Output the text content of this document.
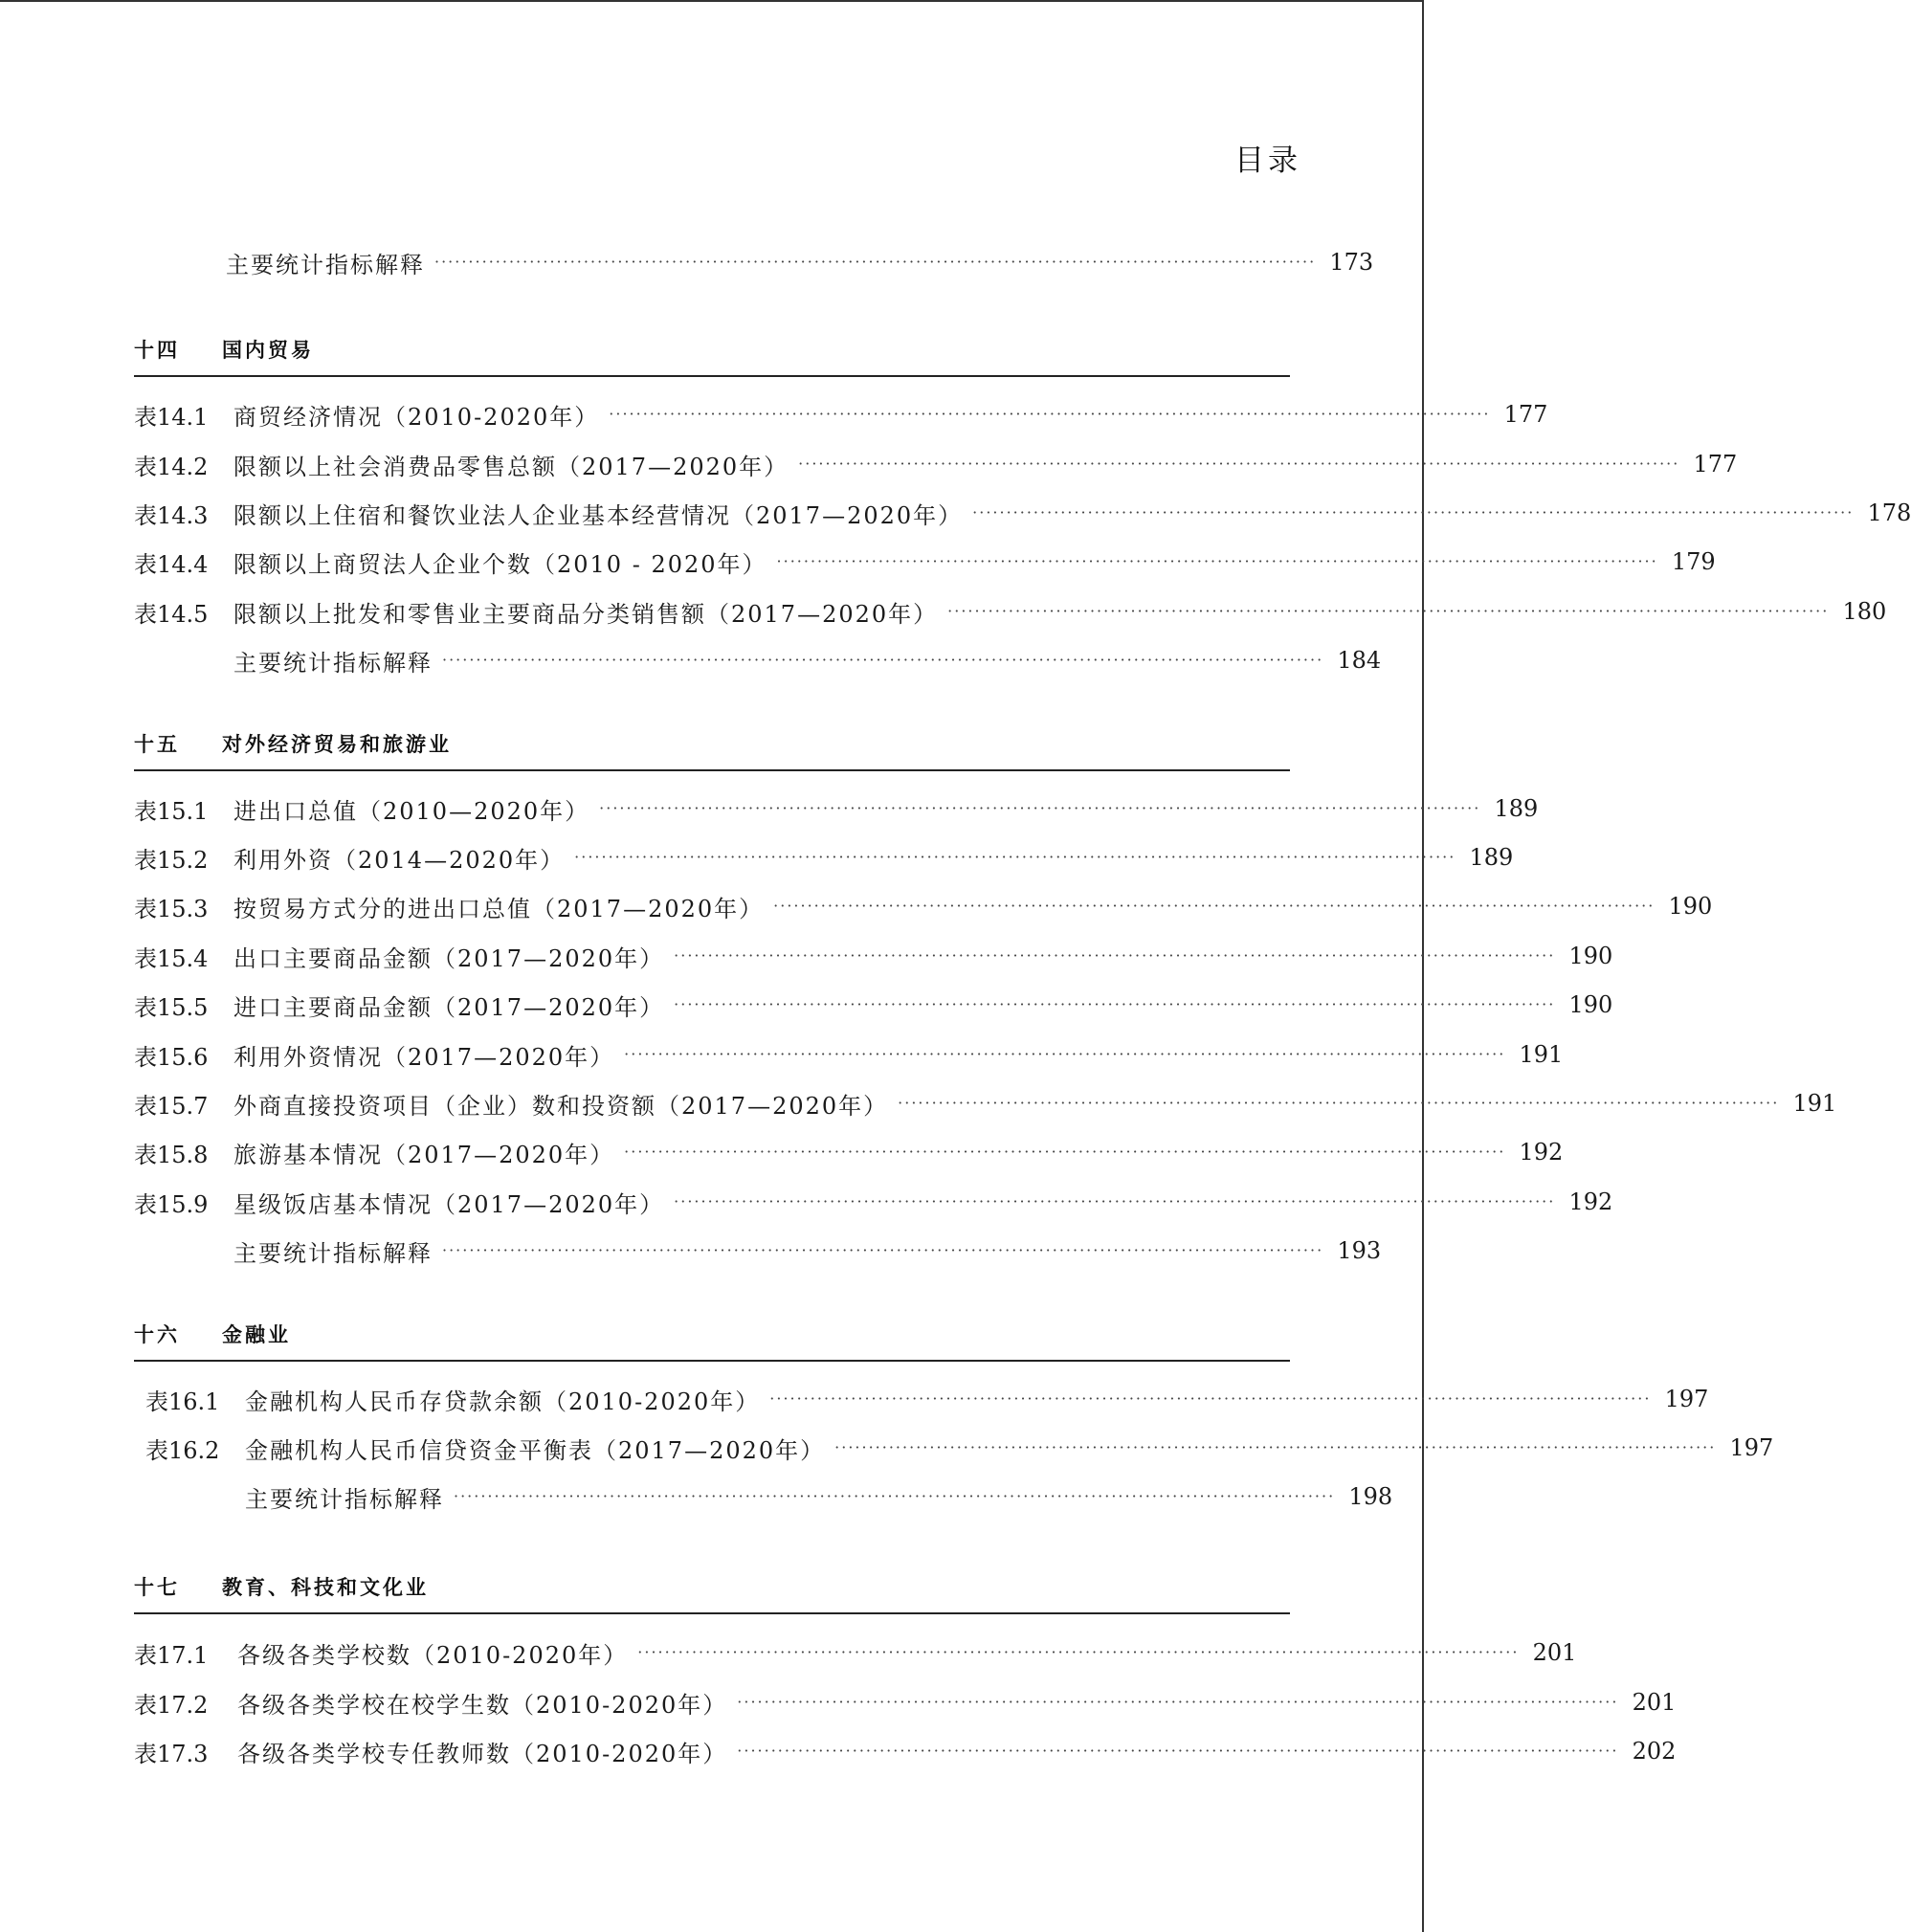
目录
十四 国内贸易
十五 对外经济贸易和旅游业
十六 金融业
十七 教育、科技和文化业
主要统计指标解释 ·································································································································· 173
表14.1	商贸经济情况（2010-2020年） ·································································································································· 177
表14.2	限额以上社会消费品零售总额（2017—2020年） ·································································································································· 177
表14.3	限额以上住宿和餐饮业法人企业基本经营情况（2017—2020年） ·································································································································· 178
表14.4	限额以上商贸法人企业个数（2010 - 2020年） ·································································································································· 179
表14.5	限额以上批发和零售业主要商品分类销售额（2017—2020年） ·································································································································· 180
主要统计指标解释 ·································································································································· 184
表15.1	进出口总值（2010—2020年） ·································································································································· 189
表15.2	利用外资（2014—2020年） ·································································································································· 189
表15.3	按贸易方式分的进出口总值（2017—2020年） ·································································································································· 190
表15.4	出口主要商品金额（2017—2020年） ·································································································································· 190
表15.5	进口主要商品金额（2017—2020年） ·································································································································· 190
表15.6	利用外资情况（2017—2020年） ·································································································································· 191
表15.7	外商直接投资项目（企业）数和投资额（2017—2020年） ·································································································································· 191
表15.8	旅游基本情况（2017—2020年） ·································································································································· 192
表15.9	星级饭店基本情况（2017—2020年） ·································································································································· 192
主要统计指标解释 ·································································································································· 193
表16.1	金融机构人民币存贷款余额（2010-2020年） ·································································································································· 197
表16.2	金融机构人民币信贷资金平衡表（2017—2020年） ·································································································································· 197
主要统计指标解释 ·································································································································· 198
表17.1	各级各类学校数（2010-2020年） ·································································································································· 201
表17.2	各级各类学校在校学生数（2010-2020年） ·································································································································· 201
表17.3	各级各类学校专任教师数（2010-2020年） ·································································································································· 202
